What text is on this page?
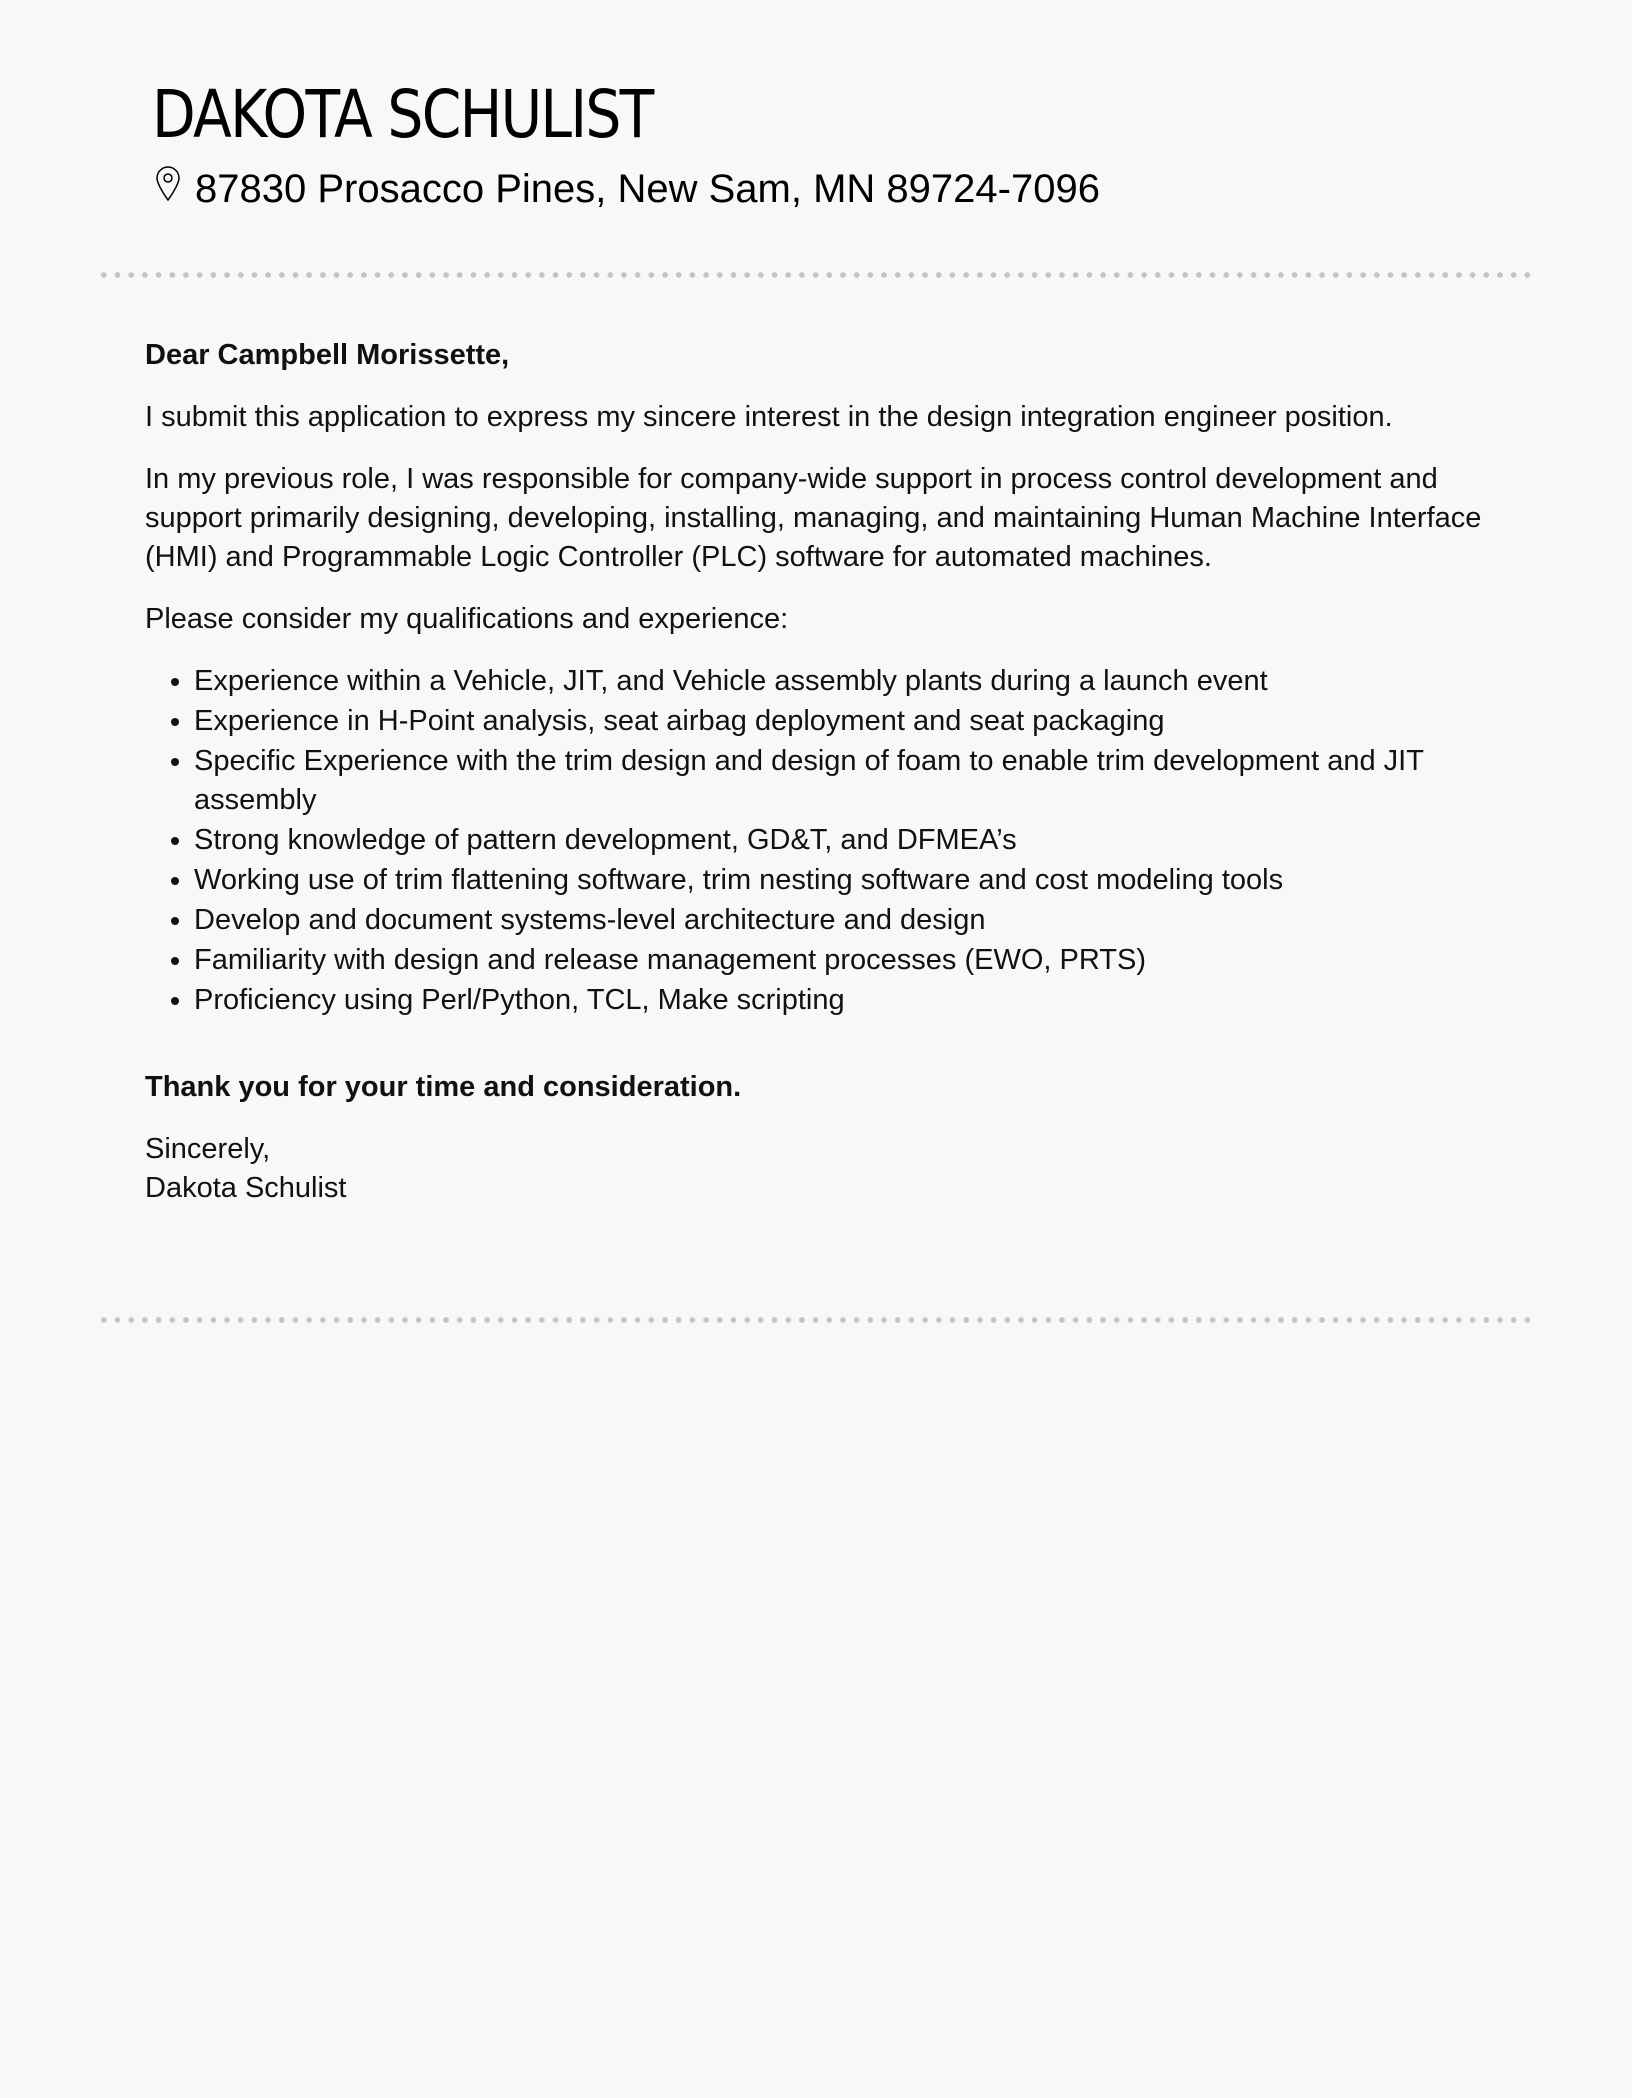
DAKOTA SCHULIST
87830 Prosacco Pines, New Sam, MN 89724-7096

Dear Campbell Morissette,

I submit this application to express my sincere interest in the design integration engineer position.

In my previous role, I was responsible for company-wide support in process control development and support primarily designing, developing, installing, managing, and maintaining Human Machine Interface (HMI) and Programmable Logic Controller (PLC) software for automated machines.

Please consider my qualifications and experience:

• Experience within a Vehicle, JIT, and Vehicle assembly plants during a launch event
• Experience in H-Point analysis, seat airbag deployment and seat packaging
• Specific Experience with the trim design and design of foam to enable trim development and JIT assembly
• Strong knowledge of pattern development, GD&T, and DFMEA’s
• Working use of trim flattening software, trim nesting software and cost modeling tools
• Develop and document systems-level architecture and design
• Familiarity with design and release management processes (EWO, PRTS)
• Proficiency using Perl/Python, TCL, Make scripting

Thank you for your time and consideration.

Sincerely,

Dakota Schulist
